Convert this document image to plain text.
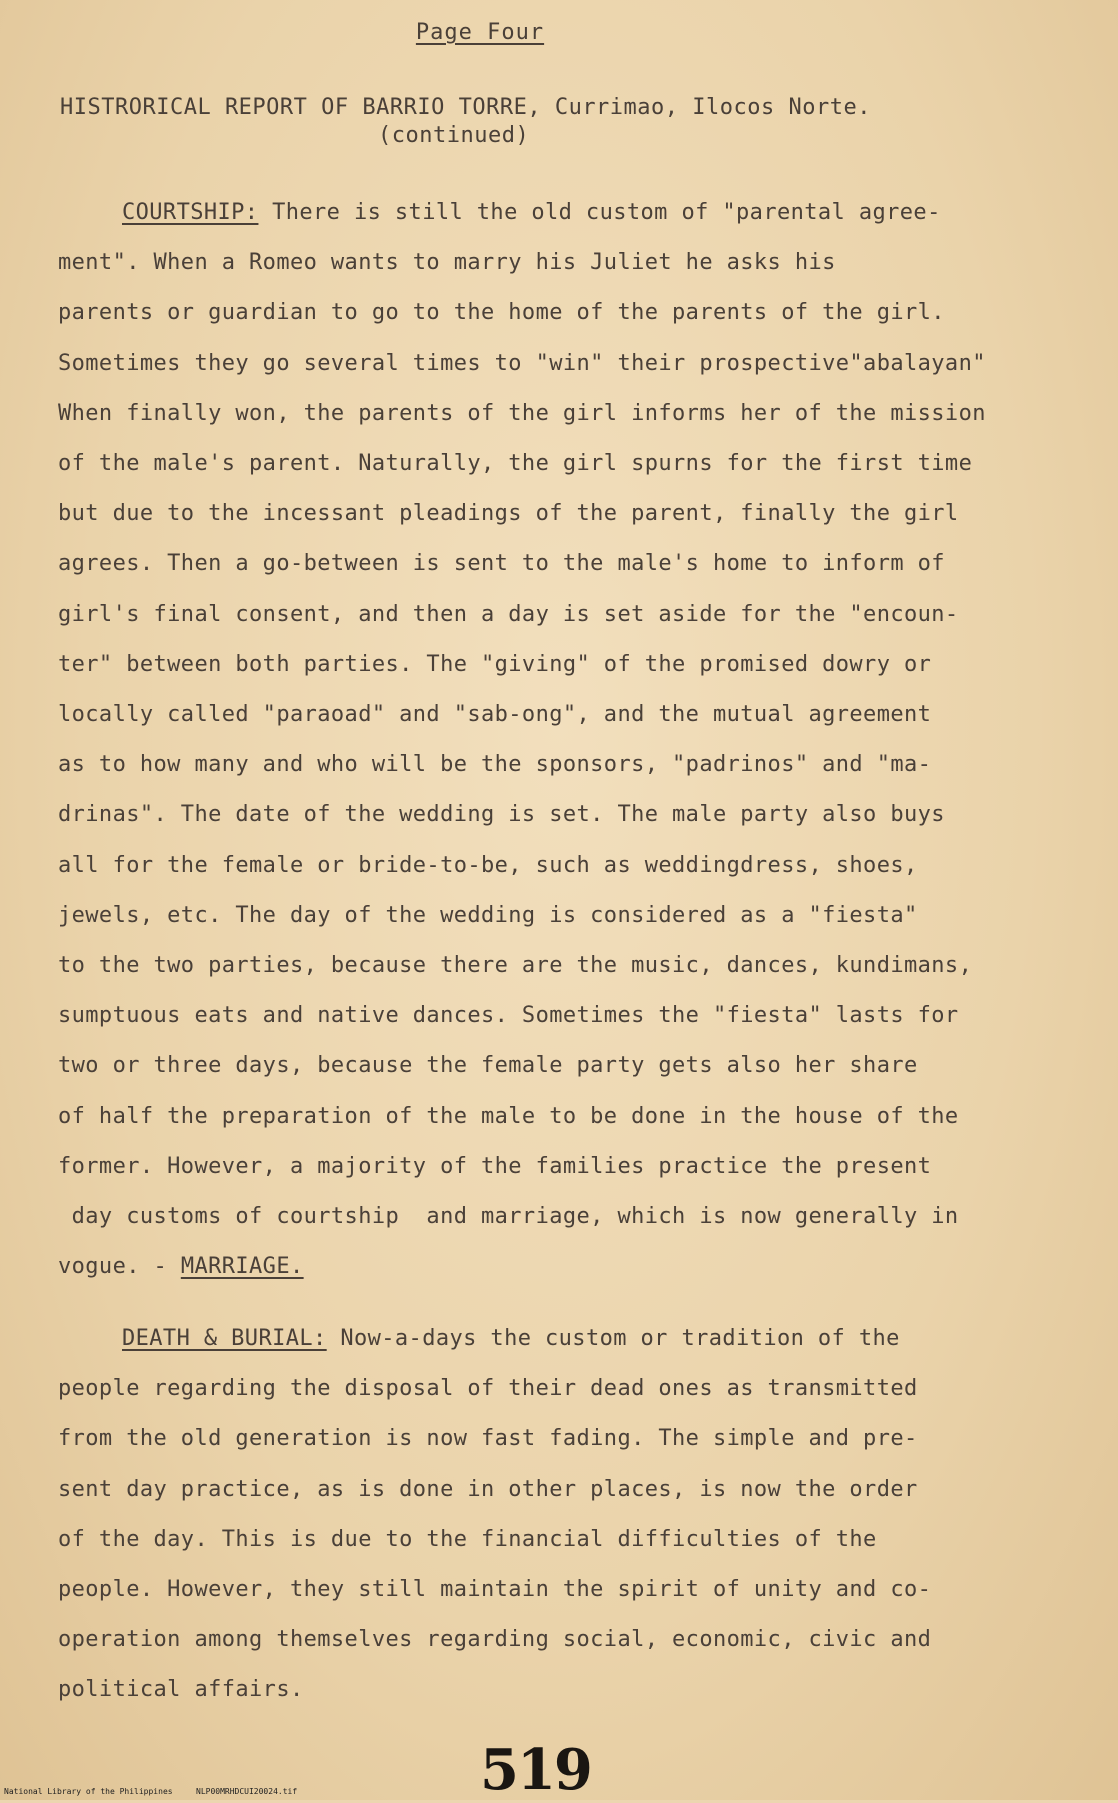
Page Four
HISTRORICAL REPORT OF BARRIO TORRE, Currimao, Ilocos Norte.
(continued)
COURTSHIP: There is still the old custom of "parental agree-
ment". When a Romeo wants to marry his Juliet he asks his
parents or guardian to go to the home of the parents of the girl.
Sometimes they go several times to "win" their prospective"abalayan"
When finally won, the parents of the girl informs her of the mission
of the male's parent. Naturally, the girl spurns for the first time
but due to the incessant pleadings of the parent, finally the girl
agrees. Then a go-between is sent to the male's home to inform of
girl's final consent, and then a day is set aside for the "encoun-
ter" between both parties. The "giving" of the promised dowry or
locally called "paraoad" and "sab-ong", and the mutual agreement
as to how many and who will be the sponsors, "padrinos" and "ma-
drinas". The date of the wedding is set. The male party also buys
all for the female or bride-to-be, such as weddingdress, shoes,
jewels, etc. The day of the wedding is considered as a "fiesta"
to the two parties, because there are the music, dances, kundimans,
sumptuous eats and native dances. Sometimes the "fiesta" lasts for
two or three days, because the female party gets also her share
of half the preparation of the male to be done in the house of the
former. However, a majority of the families practice the present
day customs of courtship  and marriage, which is now generally in
vogue. - MARRIAGE.
DEATH & BURIAL: Now-a-days the custom or tradition of the
people regarding the disposal of their dead ones as transmitted
from the old generation is now fast fading. The simple and pre-
sent day practice, as is done in other places, is now the order
of the day. This is due to the financial difficulties of the
people. However, they still maintain the spirit of unity and co-
operation among themselves regarding social, economic, civic and
political affairs.
519
National Library of the Philippines	NLP00MRHDCUI20024.tif
